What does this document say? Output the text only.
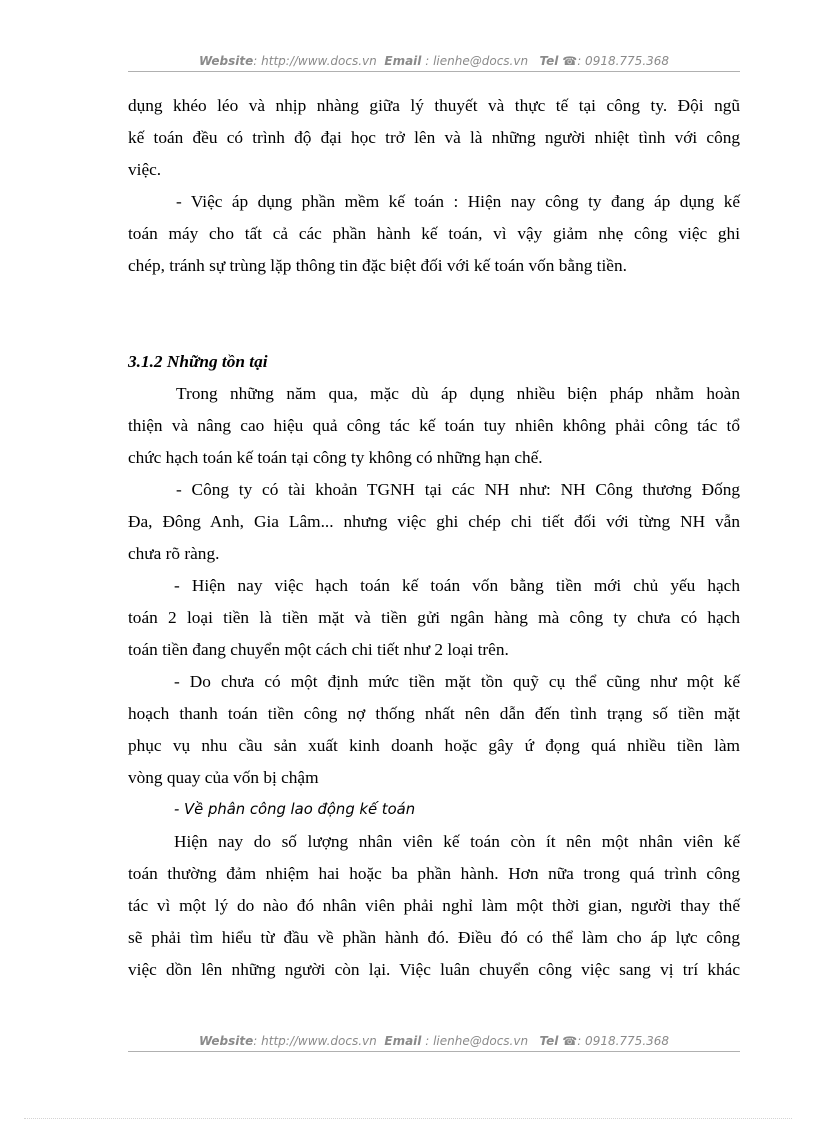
Website: http://www.docs.vn Email : lienhe@docs.vn Tel ☎: 0918.775.368

dụng khéo léo và nhịp nhàng giữa lý thuyết và thực tế tại công ty. Đội ngũ

kế toán đều có trình độ đại học trở lên và là những người nhiệt tình với công

việc.

- Việc áp dụng phần mềm kế toán : Hiện nay công ty đang áp dụng kế

toán máy cho tất cả các phần hành kế toán, vì vậy giảm nhẹ công việc ghi

chép, tránh sự trùng lặp thông tin đặc biệt đối với kế toán vốn bằng tiền.

3.1.2 Những tồn tại

Trong những năm qua, mặc dù áp dụng nhiều biện pháp nhằm hoàn

thiện và nâng cao hiệu quả công tác kế toán tuy nhiên không phải công tác tổ

chức hạch toán kế toán tại công ty không có những hạn chế.

- Công ty có tài khoản TGNH tại các NH như: NH Công thương Đống

Đa, Đông Anh, Gia Lâm... nhưng việc ghi chép chi tiết đối với từng NH vẫn

chưa rõ ràng.

- Hiện nay việc hạch toán kế toán vốn bằng tiền mới chủ yếu hạch

toán 2 loại tiền là tiền mặt và tiền gửi ngân hàng mà công ty chưa có hạch

toán tiền đang chuyển một cách chi tiết như 2 loại trên.

- Do chưa có một định mức tiền mặt tồn quỹ cụ thể cũng như một kế

hoạch thanh toán tiền công nợ thống nhất nên dẫn đến tình trạng số tiền mặt

phục vụ nhu cầu sản xuất kinh doanh hoặc gây ứ đọng quá nhiều tiền làm

vòng quay của vốn bị chậm

- Về phân công lao động kế toán

Hiện nay do số lượng nhân viên kế toán còn ít nên một nhân viên kế

toán thường đảm nhiệm hai hoặc ba phần hành. Hơn nữa trong quá trình công

tác vì một lý do nào đó nhân viên phải nghỉ làm một thời gian, người thay thế

sẽ phải tìm hiểu từ đầu về phần hành đó. Điều đó có thể làm cho áp lực công

việc dồn lên những người còn lại. Việc luân chuyển công việc sang vị trí khác

Website: http://www.docs.vn Email : lienhe@docs.vn Tel ☎: 0918.775.368
